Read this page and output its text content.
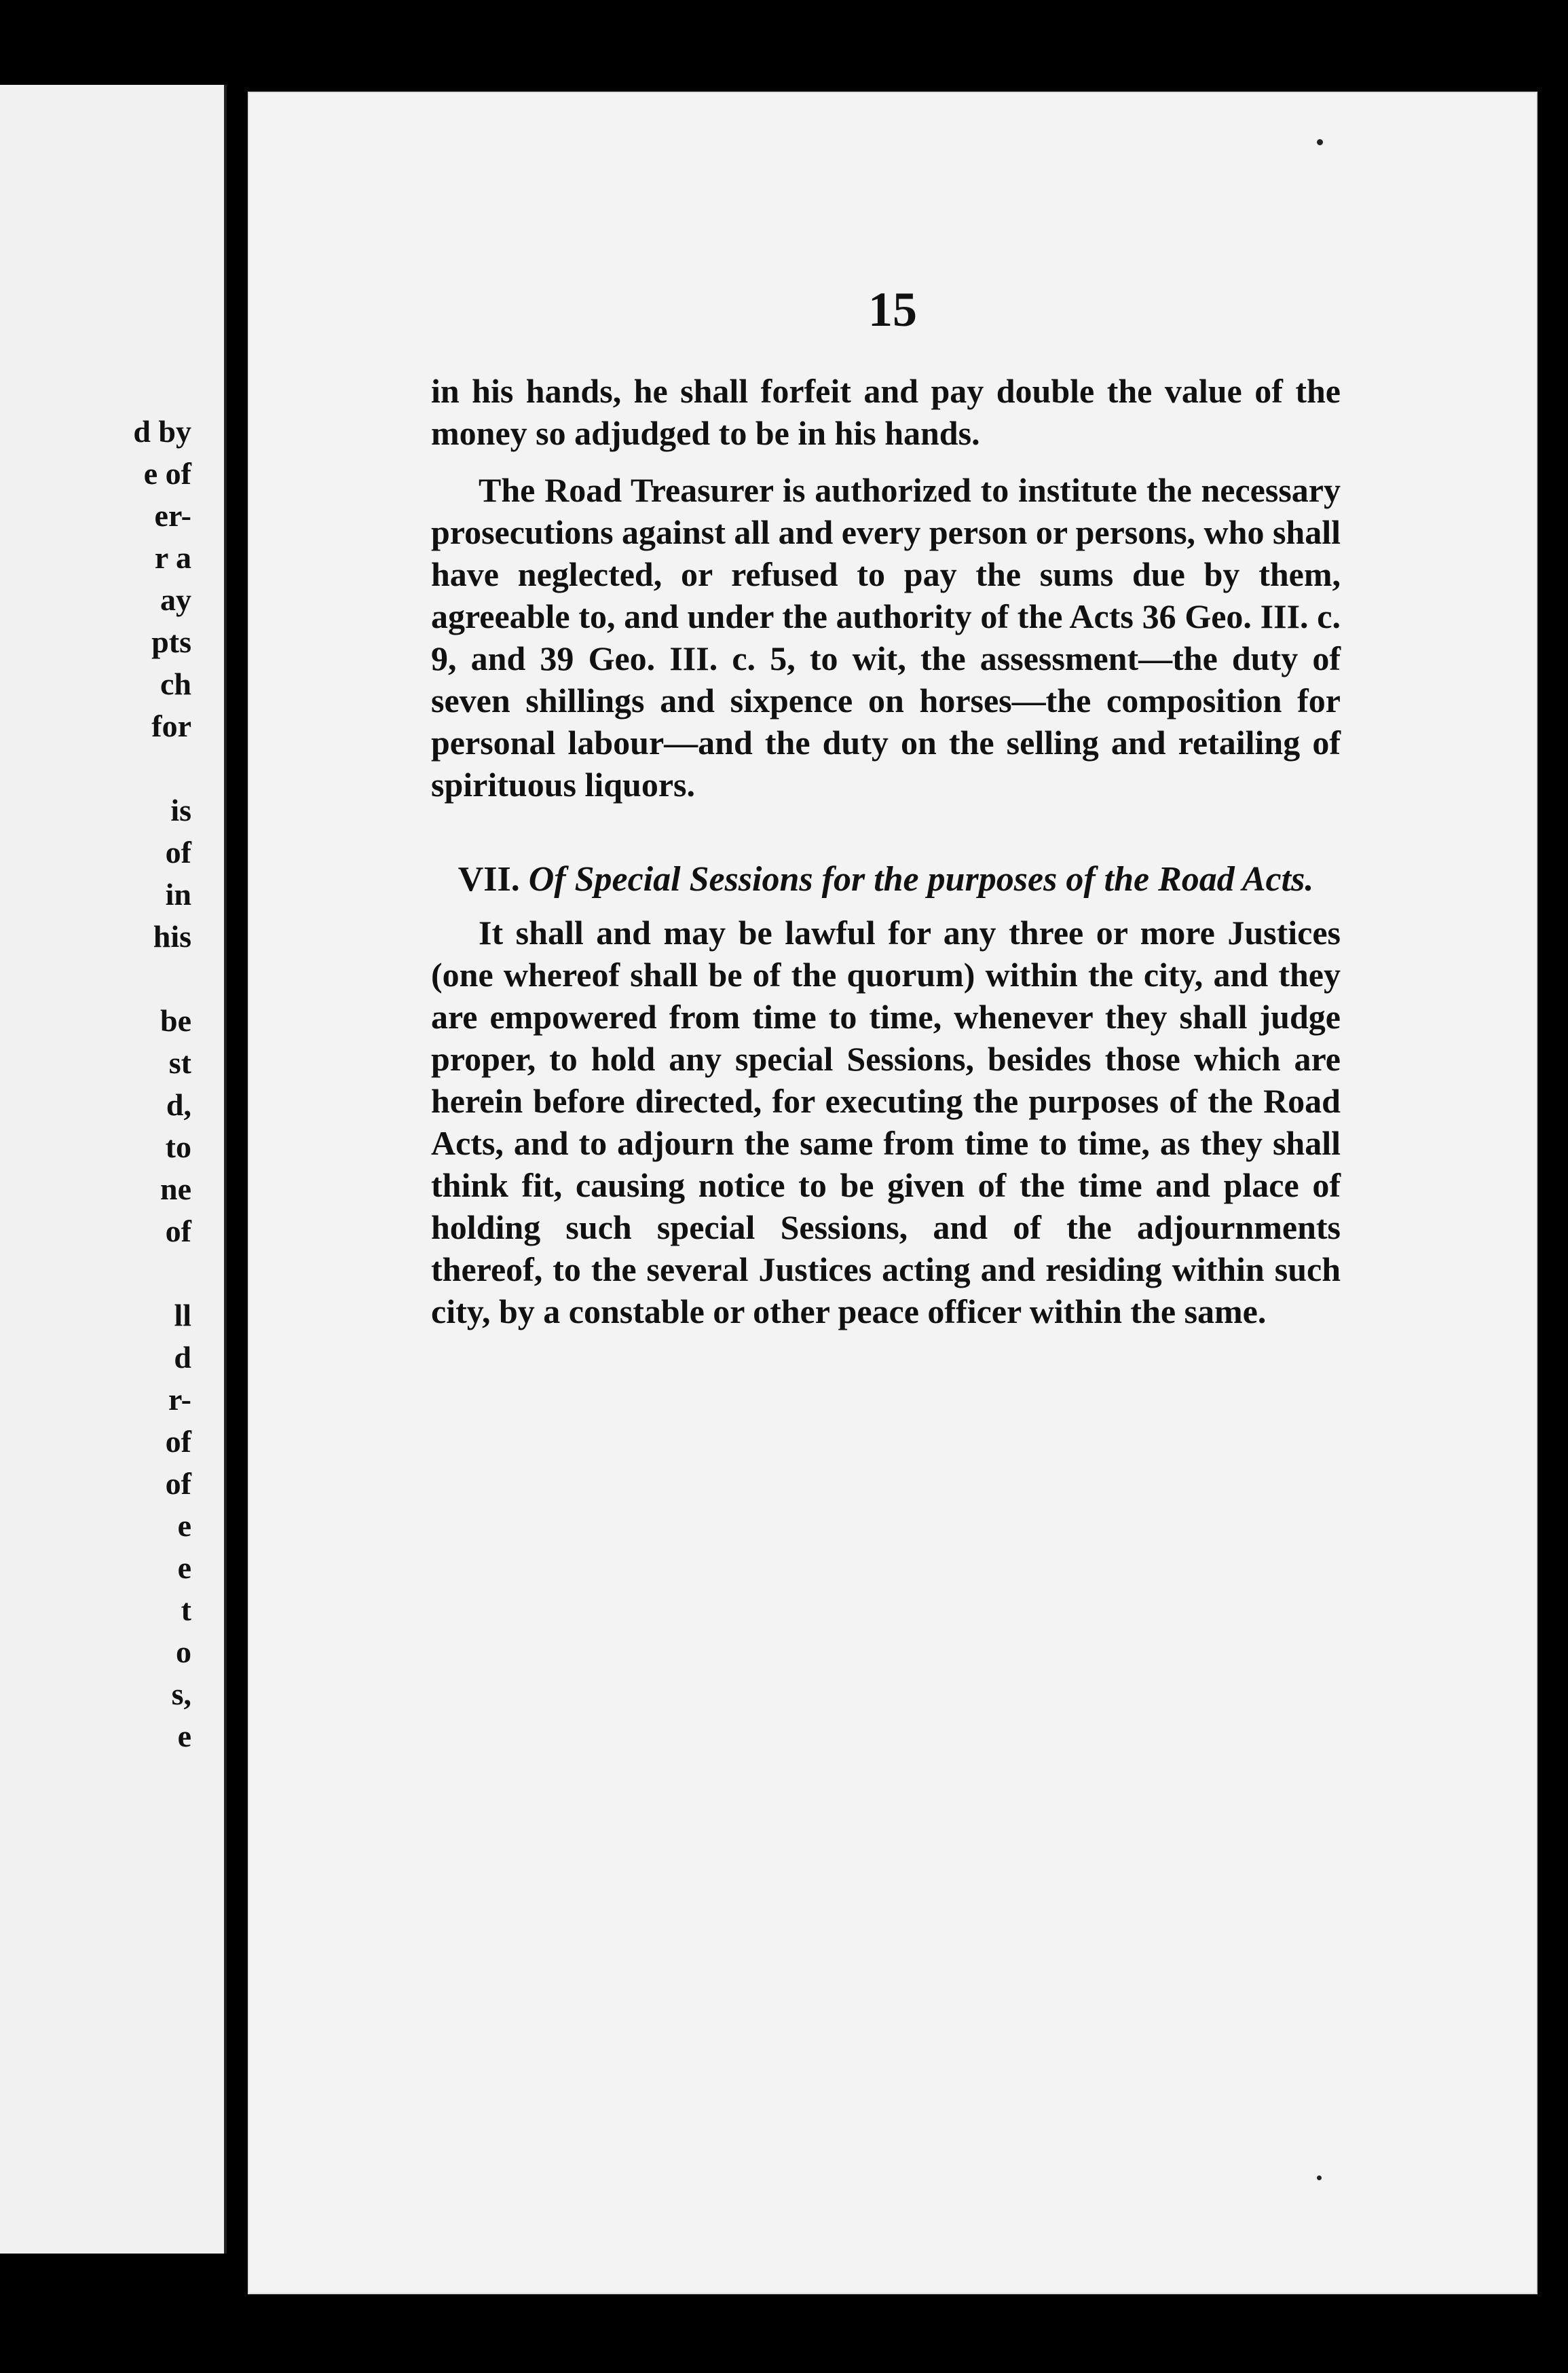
d by
e of
er-
r a
ay
pts
ch
for
is
of
in
his
be
st
d,
to
ne
of
ll
d
r-
of
of
e
e
t
o
s,
e
15

in his hands, he shall forfeit and pay double the value of the money so adjudged to be in his hands.

The Road Treasurer is authorized to institute the necessary prosecutions against all and every person or persons, who shall have neglected, or refused to pay the sums due by them, agreeable to, and under the authority of the Acts 36 Geo. III. c. 9, and 39 Geo. III. c. 5, to wit, the assessment—the duty of seven shillings and sixpence on horses—the composition for personal labour—and the duty on the selling and retailing of spirituous liquors.

VII. Of Special Sessions for the purposes of the Road Acts.

It shall and may be lawful for any three or more Justices (one whereof shall be of the quorum) within the city, and they are empowered from time to time, whenever they shall judge proper, to hold any special Sessions, besides those which are herein before directed, for executing the purposes of the Road Acts, and to adjourn the same from time to time, as they shall think fit, causing notice to be given of the time and place of holding such special Sessions, and of the adjournments thereof, to the several Justices acting and residing within such city, by a constable or other peace officer within the same.
